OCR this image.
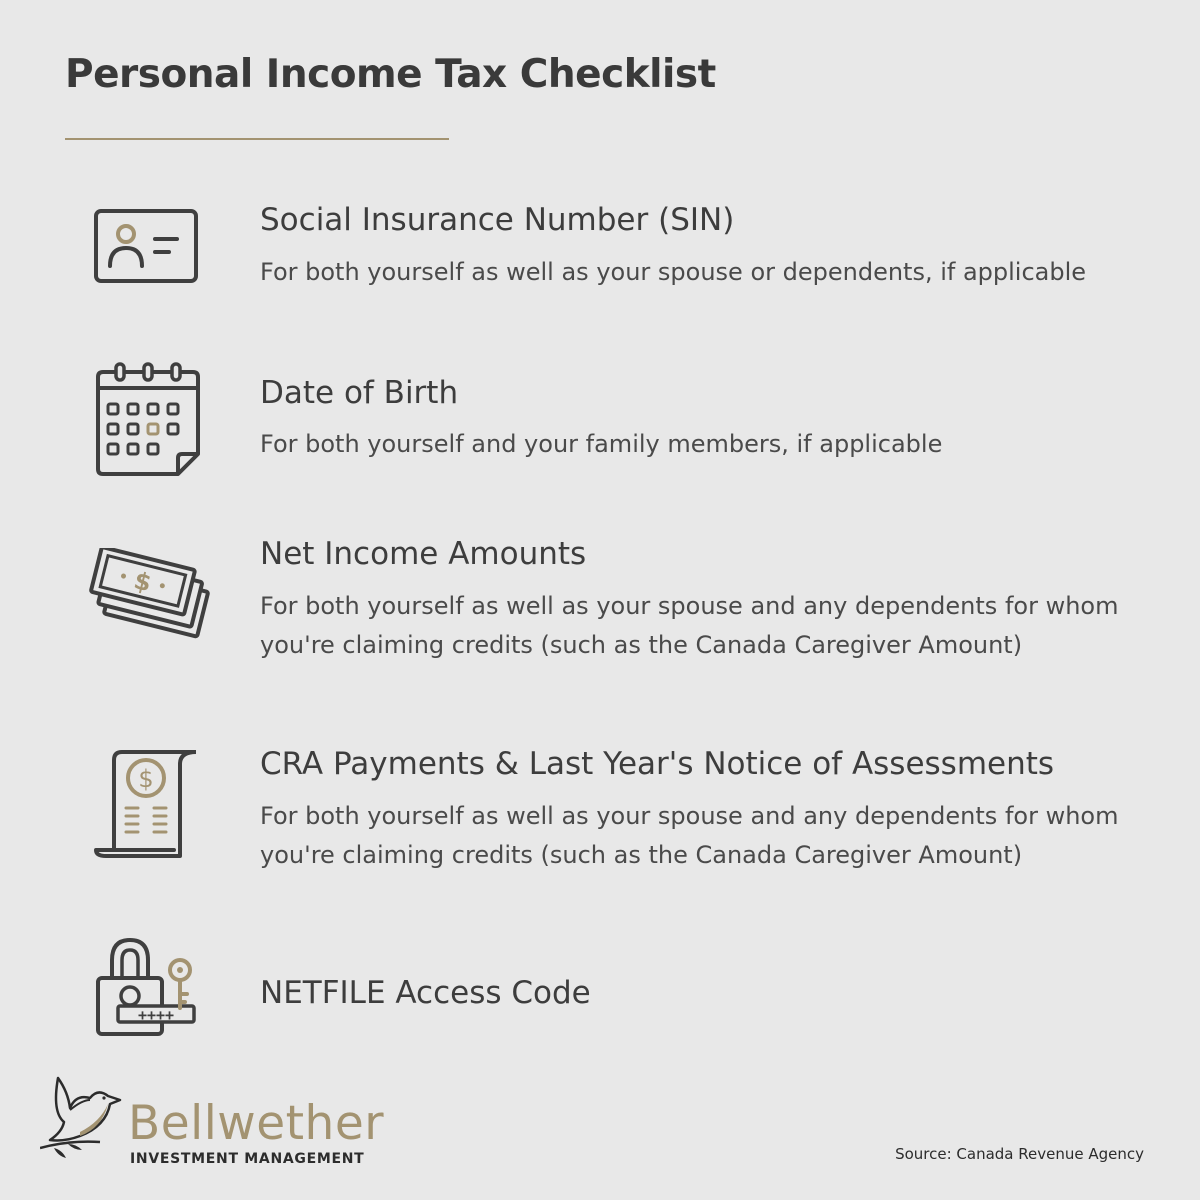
Personal Income Tax Checklist
Social Insurance Number (SIN)

For both yourself as well as your spouse or dependents, if applicable

Date of Birth

For both yourself and your family members, if applicable

$
Net Income Amounts

For both yourself as well as your spouse and any dependents for whom you're claiming credits (such as the Canada Caregiver Amount)

$	CRA Payments & Last Year's Notice of Assessments

For both yourself as well as your spouse and any dependents for whom you're claiming credits (such as the Canada Caregiver Amount)

++++
NETFILE Access Code
Bellwether
INVESTMENT MANAGEMENT	Source: Canada Revenue Agency
